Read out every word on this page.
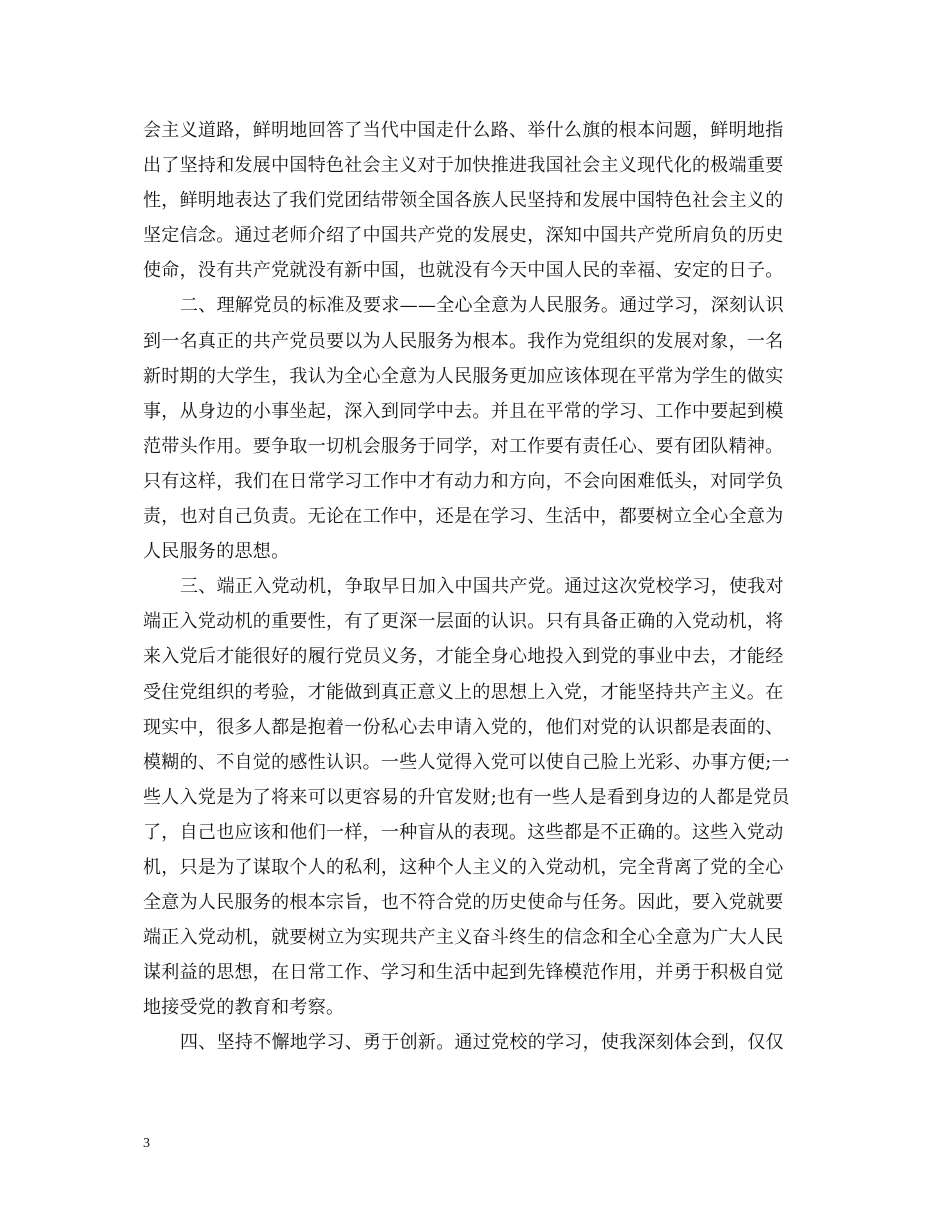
会主义道路，鲜明地回答了当代中国走什么路、举什么旗的根本问题，鲜明地指
出了坚持和发展中国特色社会主义对于加快推进我国社会主义现代化的极端重要
性，鲜明地表达了我们党团结带领全国各族人民坚持和发展中国特色社会主义的
坚定信念。通过老师介绍了中国共产党的发展史，深知中国共产党所肩负的历史
使命，没有共产党就没有新中国，也就没有今天中国人民的幸福、安定的日子。
二、理解党员的标准及要求——全心全意为人民服务。通过学习，深刻认识
到一名真正的共产党员要以为人民服务为根本。我作为党组织的发展对象，一名
新时期的大学生，我认为全心全意为人民服务更加应该体现在平常为学生的做实
事，从身边的小事坐起，深入到同学中去。并且在平常的学习、工作中要起到模
范带头作用。要争取一切机会服务于同学，对工作要有责任心、要有团队精神。
只有这样，我们在日常学习工作中才有动力和方向，不会向困难低头，对同学负
责，也对自己负责。无论在工作中，还是在学习、生活中，都要树立全心全意为
人民服务的思想。
三、端正入党动机，争取早日加入中国共产党。通过这次党校学习，使我对
端正入党动机的重要性，有了更深一层面的认识。只有具备正确的入党动机，将
来入党后才能很好的履行党员义务，才能全身心地投入到党的事业中去，才能经
受住党组织的考验，才能做到真正意义上的思想上入党，才能坚持共产主义。在
现实中，很多人都是抱着一份私心去申请入党的，他们对党的认识都是表面的、
模糊的、不自觉的感性认识。一些人觉得入党可以使自己脸上光彩、办事方便;一
些人入党是为了将来可以更容易的升官发财;也有一些人是看到身边的人都是党员
了，自己也应该和他们一样，一种盲从的表现。这些都是不正确的。这些入党动
机，只是为了谋取个人的私利，这种个人主义的入党动机，完全背离了党的全心
全意为人民服务的根本宗旨，也不符合党的历史使命与任务。因此，要入党就要
端正入党动机，就要树立为实现共产主义奋斗终生的信念和全心全意为广大人民
谋利益的思想，在日常工作、学习和生活中起到先锋模范作用，并勇于积极自觉
地接受党的教育和考察。
四、坚持不懈地学习、勇于创新。通过党校的学习，使我深刻体会到，仅仅
3
